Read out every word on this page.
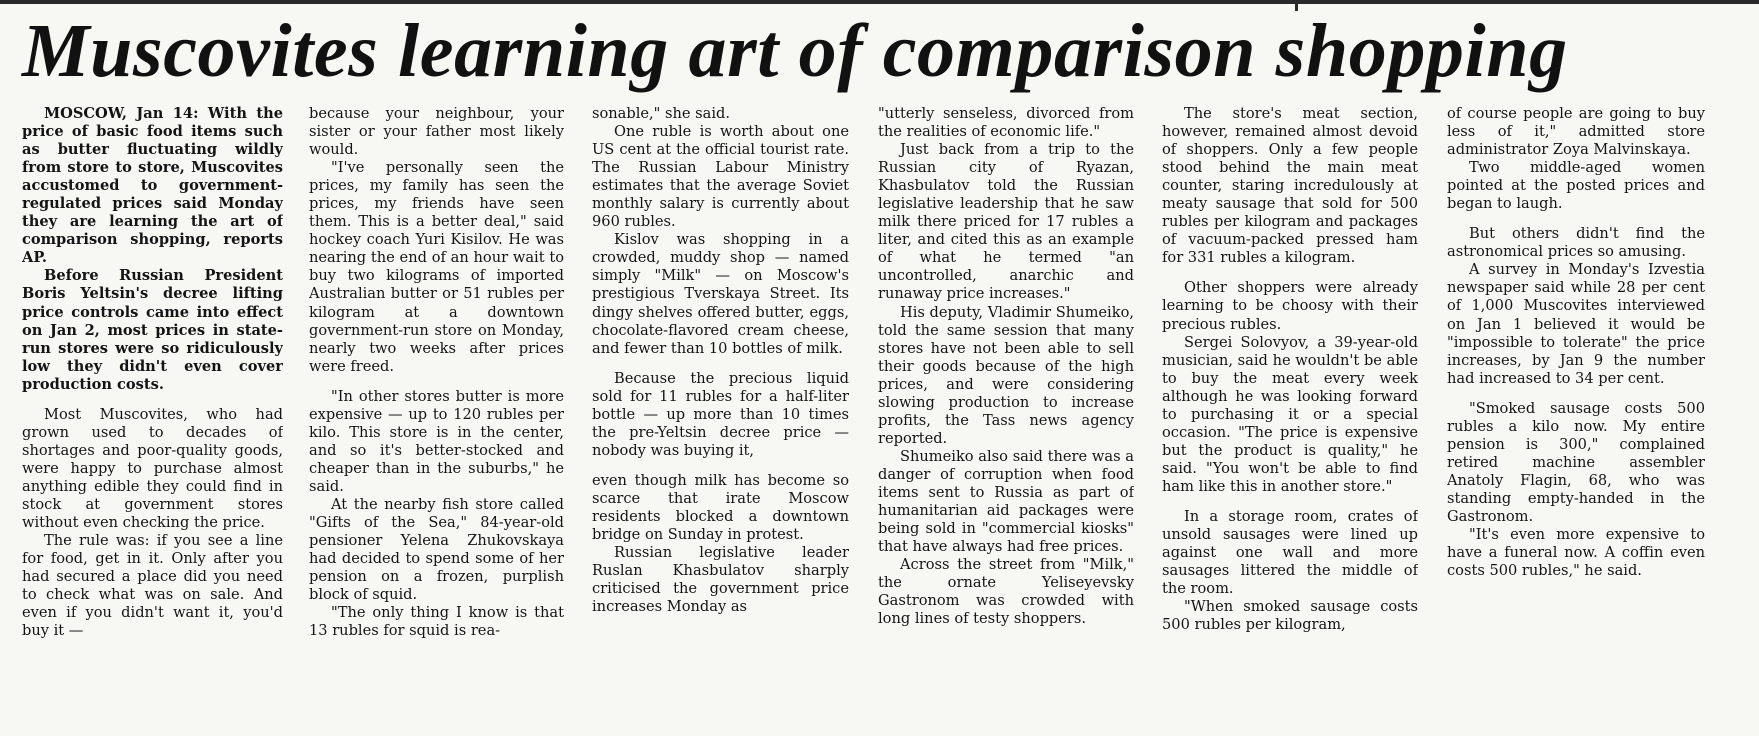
Muscovites learning art of comparison shopping

MOSCOW, Jan 14: With the price of basic food items such as butter fluctuating wildly from store to store, Muscovites accustomed to government-regulated prices said Monday they are learning the art of comparison shopping, reports AP.

Before Russian President Boris Yeltsin's decree lifting price controls came into effect on Jan 2, most prices in state-run stores were so ridiculously low they didn't even cover production costs.

Most Muscovites, who had grown used to decades of shortages and poor-quality goods, were happy to purchase almost anything edible they could find in stock at government stores without even checking the price.

The rule was: if you see a line for food, get in it. Only after you had secured a place did you need to check what was on sale. And even if you didn't want it, you'd buy it —

because your neighbour, your sister or your father most likely would.

"I've personally seen the prices, my family has seen the prices, my friends have seen them. This is a better deal," said hockey coach Yuri Kisilov. He was nearing the end of an hour wait to buy two kilograms of imported Australian butter or 51 rubles per kilogram at a downtown government-run store on Monday, nearly two weeks after prices were freed.

"In other stores butter is more expensive — up to 120 rubles per kilo. This store is in the center, and so it's better-stocked and cheaper than in the suburbs," he said.

At the nearby fish store called "Gifts of the Sea," 84-year-old pensioner Yelena Zhukovskaya had decided to spend some of her pension on a frozen, purplish block of squid.

"The only thing I know is that 13 rubles for squid is rea-

sonable," she said.

One ruble is worth about one US cent at the official tourist rate. The Russian Labour Ministry estimates that the average Soviet monthly salary is currently about 960 rubles.

Kislov was shopping in a crowded, muddy shop — named simply "Milk" — on Moscow's prestigious Tverskaya Street. Its dingy shelves offered butter, eggs, chocolate-flavored cream cheese, and fewer than 10 bottles of milk.

Because the precious liquid sold for 11 rubles for a half-liter bottle — up more than 10 times the pre-Yeltsin decree price — nobody was buying it,

even though milk has become so scarce that irate Moscow residents blocked a downtown bridge on Sunday in protest.

Russian legislative leader Ruslan Khasbulatov sharply criticised the government price increases Monday as

"utterly senseless, divorced from the realities of economic life."

Just back from a trip to the Russian city of Ryazan, Khasbulatov told the Russian legislative leadership that he saw milk there priced for 17 rubles a liter, and cited this as an example of what he termed "an uncontrolled, anarchic and runaway price increases."

His deputy, Vladimir Shumeiko, told the same session that many stores have not been able to sell their goods because of the high prices, and were considering slowing production to increase profits, the Tass news agency reported.

Shumeiko also said there was a danger of corruption when food items sent to Russia as part of humanitarian aid packages were being sold in "commercial kiosks" that have always had free prices.

Across the street from "Milk," the ornate Yeliseyevsky Gastronom was crowded with long lines of testy shoppers.

The store's meat section, however, remained almost devoid of shoppers. Only a few people stood behind the main meat counter, staring incredulously at meaty sausage that sold for 500 rubles per kilogram and packages of vacuum-packed pressed ham for 331 rubles a kilogram.

Other shoppers were already learning to be choosy with their precious rubles.

Sergei Solovyov, a 39-year-old musician, said he wouldn't be able to buy the meat every week although he was looking forward to purchasing it or a special occasion. "The price is expensive but the product is quality," he said. "You won't be able to find ham like this in another store."

In a storage room, crates of unsold sausages were lined up against one wall and more sausages littered the middle of the room.

"When smoked sausage costs 500 rubles per kilogram,

of course people are going to buy less of it," admitted store administrator Zoya Malvinskaya.

Two middle-aged women pointed at the posted prices and began to laugh.

But others didn't find the astronomical prices so amusing.

A survey in Monday's Izvestia newspaper said while 28 per cent of 1,000 Muscovites interviewed on Jan 1 believed it would be "impossible to tolerate" the price increases, by Jan 9 the number had increased to 34 per cent.

"Smoked sausage costs 500 rubles a kilo now. My entire pension is 300," complained retired machine assembler Anatoly Flagin, 68, who was standing empty-handed in the Gastronom.

"It's even more expensive to have a funeral now. A coffin even costs 500 rubles," he said.
